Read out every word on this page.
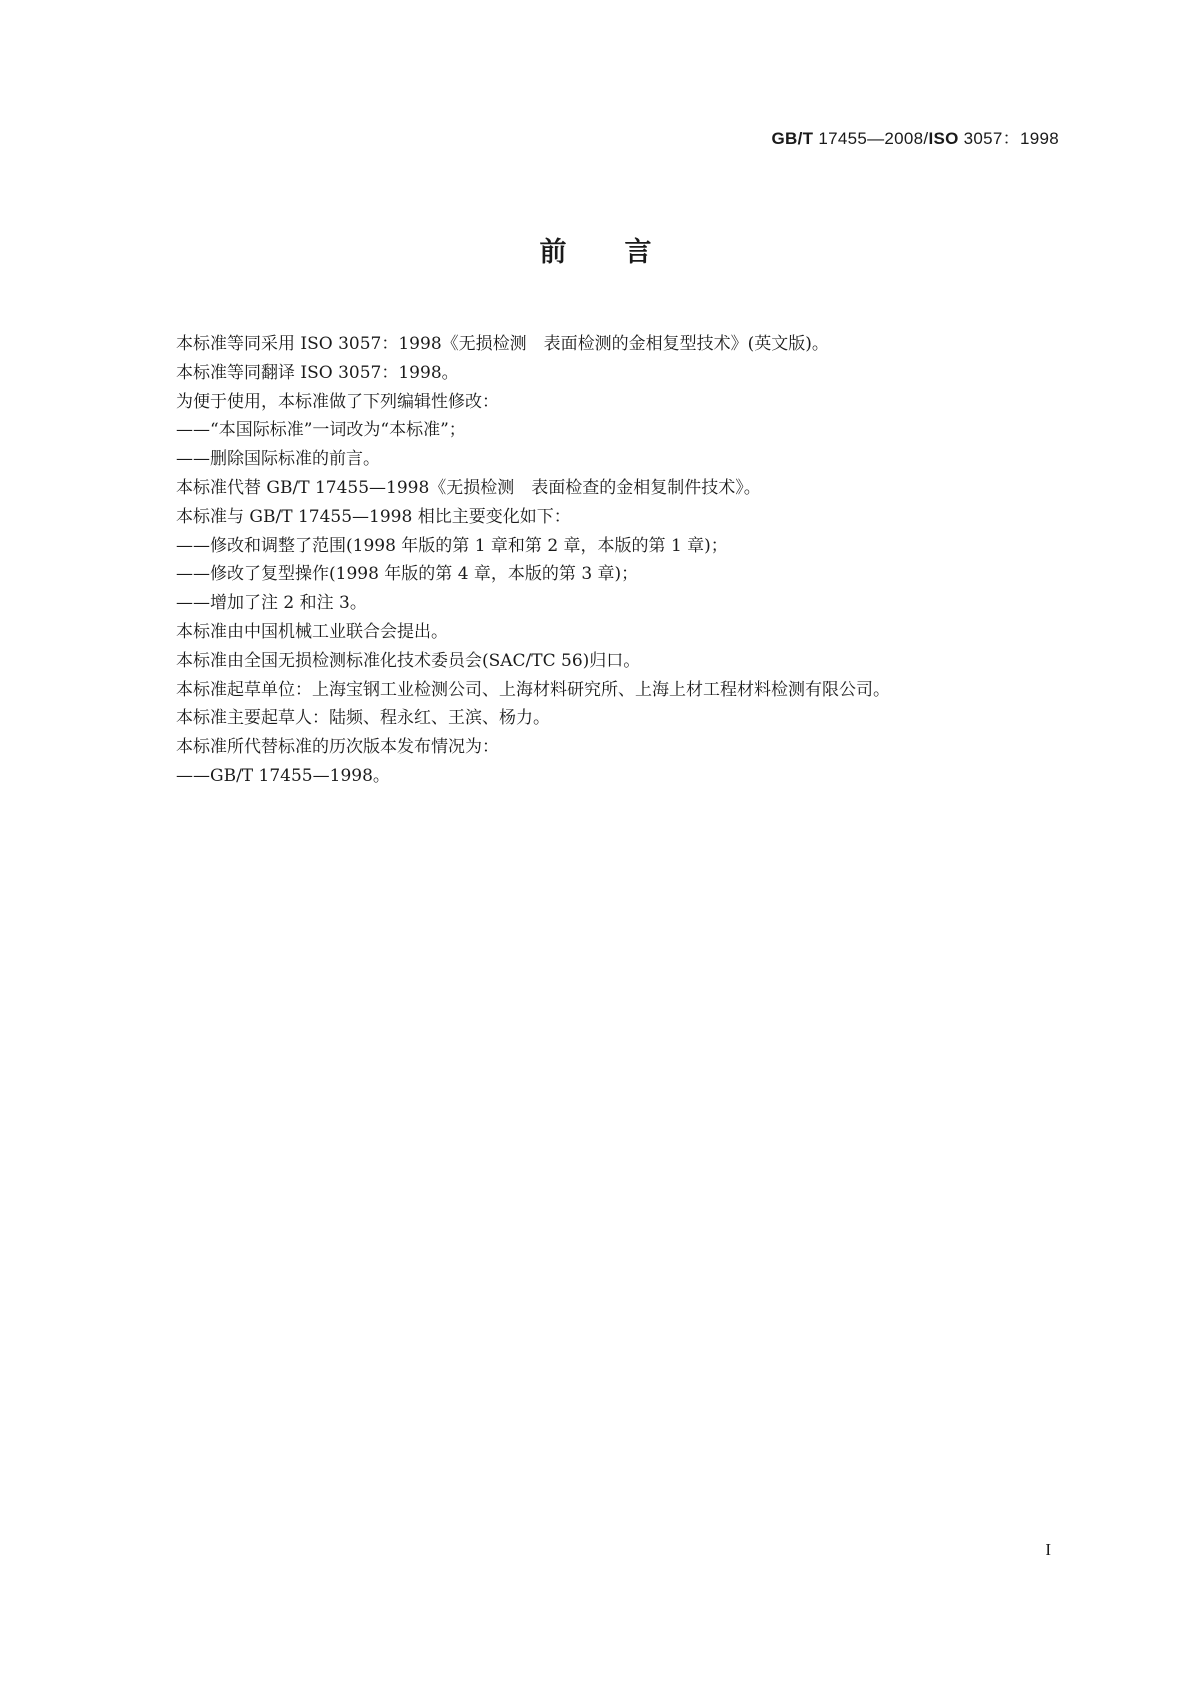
GB/T 17455—2008/ISO 3057：1998
前 言
本标准等同采用 ISO 3057：1998《无损检测　表面检测的金相复型技术》(英文版)。
本标准等同翻译 ISO 3057：1998。
为便于使用，本标准做了下列编辑性修改：
——“本国际标准”一词改为“本标准”；
——删除国际标准的前言。
本标准代替 GB/T 17455—1998《无损检测　表面检查的金相复制件技术》。
本标准与 GB/T 17455—1998 相比主要变化如下：
——修改和调整了范围(1998 年版的第 1 章和第 2 章，本版的第 1 章)；
——修改了复型操作(1998 年版的第 4 章，本版的第 3 章)；
——增加了注 2 和注 3。
本标准由中国机械工业联合会提出。
本标准由全国无损检测标准化技术委员会(SAC/TC 56)归口。
本标准起草单位：上海宝钢工业检测公司、上海材料研究所、上海上材工程材料检测有限公司。
本标准主要起草人：陆频、程永红、王滨、杨力。
本标准所代替标准的历次版本发布情况为：
——GB/T 17455—1998。
I
